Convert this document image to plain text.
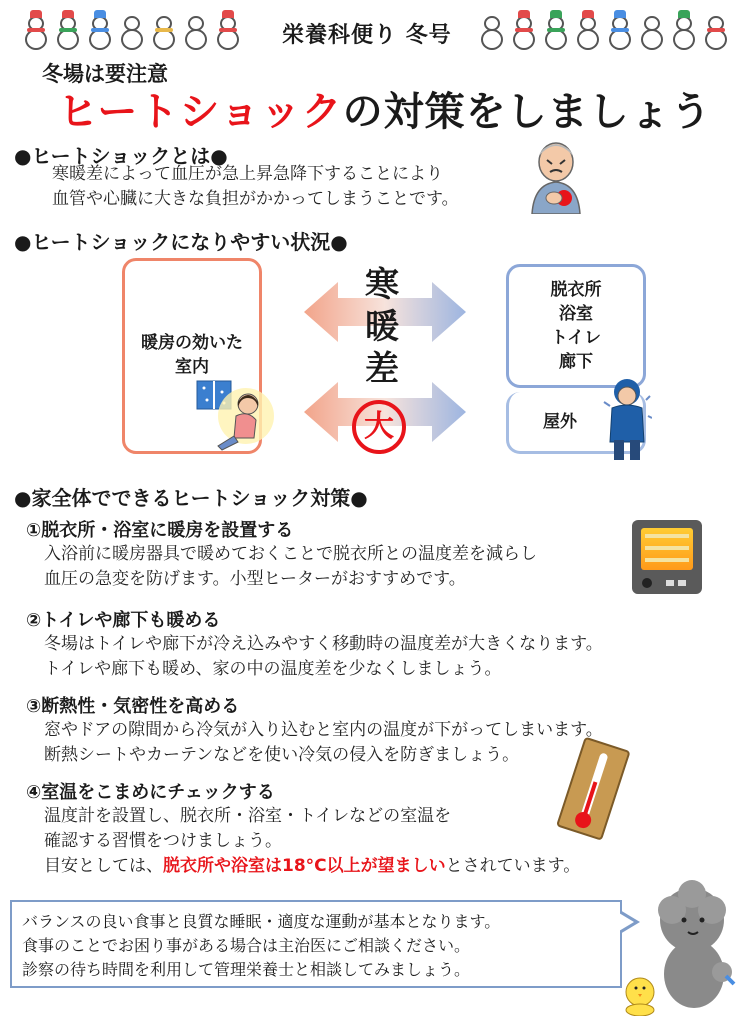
栄養科便り 冬号
冬場は要注意
ヒートショックの対策をしましょう
●ヒートショックとは●
寒暖差によって血圧が急上昇急降下することにより
血管や心臓に大きな負担がかかってしまうことです。
●ヒートショックになりやすい状況●
暖房の効いた
室内
寒
暖
差
大
脱衣所
浴室
トイレ
廊下
屋外
●家全体でできるヒートショック対策●
①脱衣所・浴室に暖房を設置する
入浴前に暖房器具で暖めておくことで脱衣所との温度差を減らし
血圧の急変を防げます。小型ヒーターがおすすめです。
②トイレや廊下も暖める
冬場はトイレや廊下が冷え込みやすく移動時の温度差が大きくなります。
トイレや廊下も暖め、家の中の温度差を少なくしましょう。
③断熱性・気密性を高める
窓やドアの隙間から冷気が入り込むと室内の温度が下がってしまいます。
断熱シートやカーテンなどを使い冷気の侵入を防ぎましょう。
④室温をこまめにチェックする
温度計を設置し、脱衣所・浴室・トイレなどの室温を
確認する習慣をつけましょう。
目安としては、脱衣所や浴室は18°C以上が望ましいとされています。
バランスの良い食事と良質な睡眠・適度な運動が基本となります。
食事のことでお困り事がある場合は主治医にご相談ください。
診察の待ち時間を利用して管理栄養士と相談してみましょう。
